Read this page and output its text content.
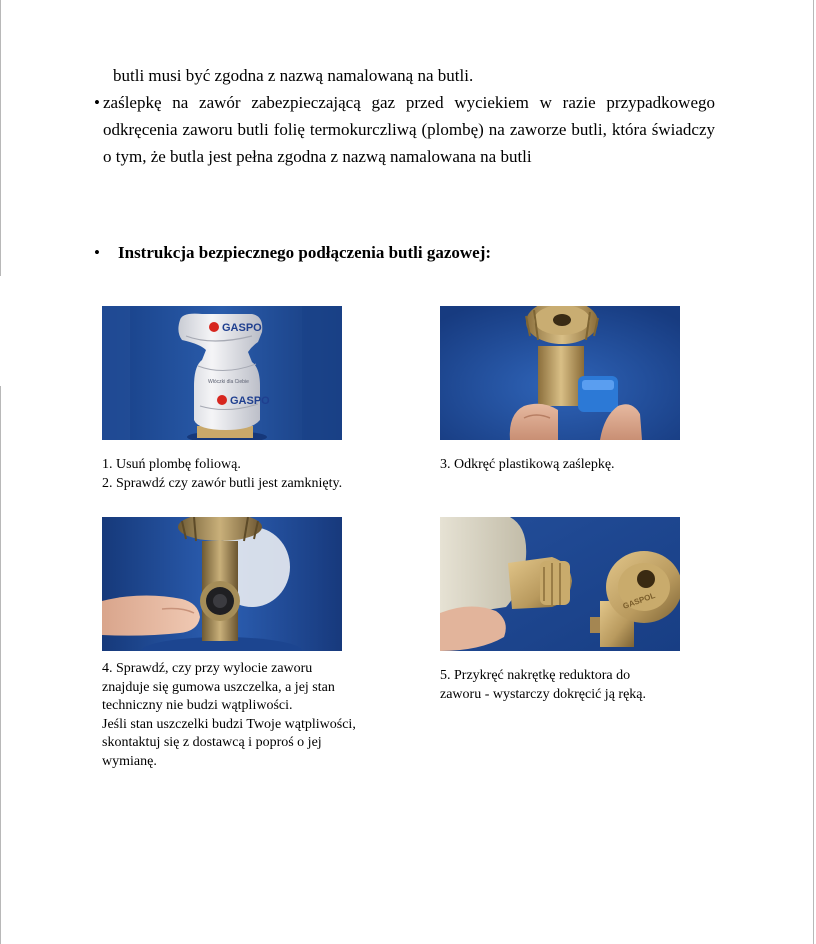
butli musi być zgodna z nazwą namalowaną na butli.
• zaślepkę na zawór zabezpieczającą gaz przed wyciekiem w razie przypadkowego odkręcenia zaworu butli folię termokurczliwą (plombę) na zaworze butli, która świadczy o tym, że butla jest pełna zgodna z nazwą namalowana na butli
• Instrukcja bezpiecznego podłączenia butli gazowej:
GASPO
Włóczki dla Ciebie
GASPO
1. Usuń plombę foliową.
2. Sprawdź czy zawór butli jest zamknięty.
3. Odkręć plastikową zaślepkę.
GASPOL
4. Sprawdź, czy przy wylocie zaworu
znajduje się gumowa uszczelka, a jej stan
techniczny nie budzi wątpliwości.
Jeśli stan uszczelki budzi Twoje wątpliwości,
skontaktuj się z dostawcą i poproś o jej
wymianę.
5. Przykręć nakrętkę reduktora do
zaworu - wystarczy dokręcić ją ręką.
